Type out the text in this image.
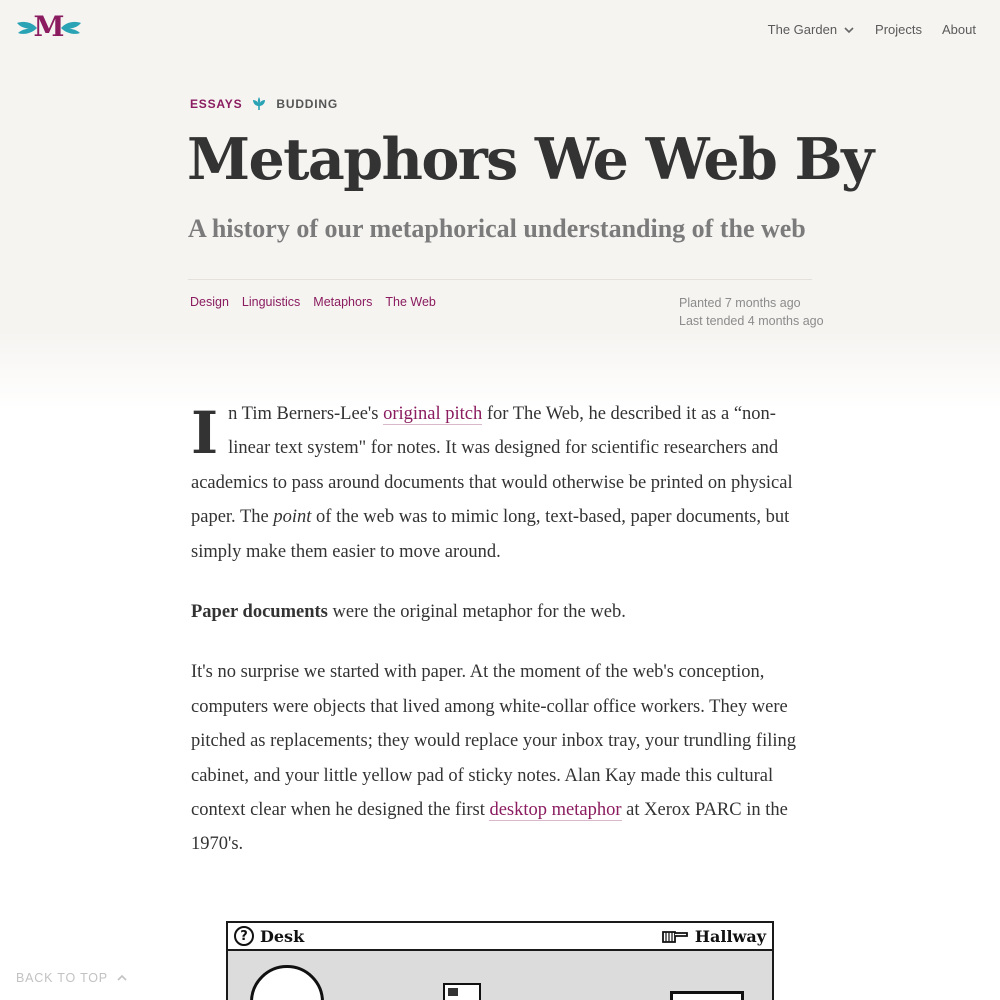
M	The Garden	Projects About
ESSAYS	BUDDING
Metaphors We Web By
A history of our metaphorical understanding of the web
Design Linguistics Metaphors The Web	Planted 7 months ago
Last tended 4 months ago

In Tim Berners-Lee's original pitch for The Web, he described it as a “non-linear text system" for notes. It was designed for scientific researchers and academics to pass around documents that would otherwise be printed on physical paper. The point of the web was to mimic long, text-based, paper documents, but simply make them easier to move around.

Paper documents were the original metaphor for the web.

It's no surprise we started with paper. At the moment of the web's conception, computers were objects that lived among white-collar office workers. They were pitched as replacements; they would replace your inbox tray, your trundling filing cabinet, and your little yellow pad of sticky notes. Alan Kay made this cultural context clear when he designed the first desktop metaphor at Xerox PARC in the 1970's.

? Desk	Hallway
BACK TO TOP
